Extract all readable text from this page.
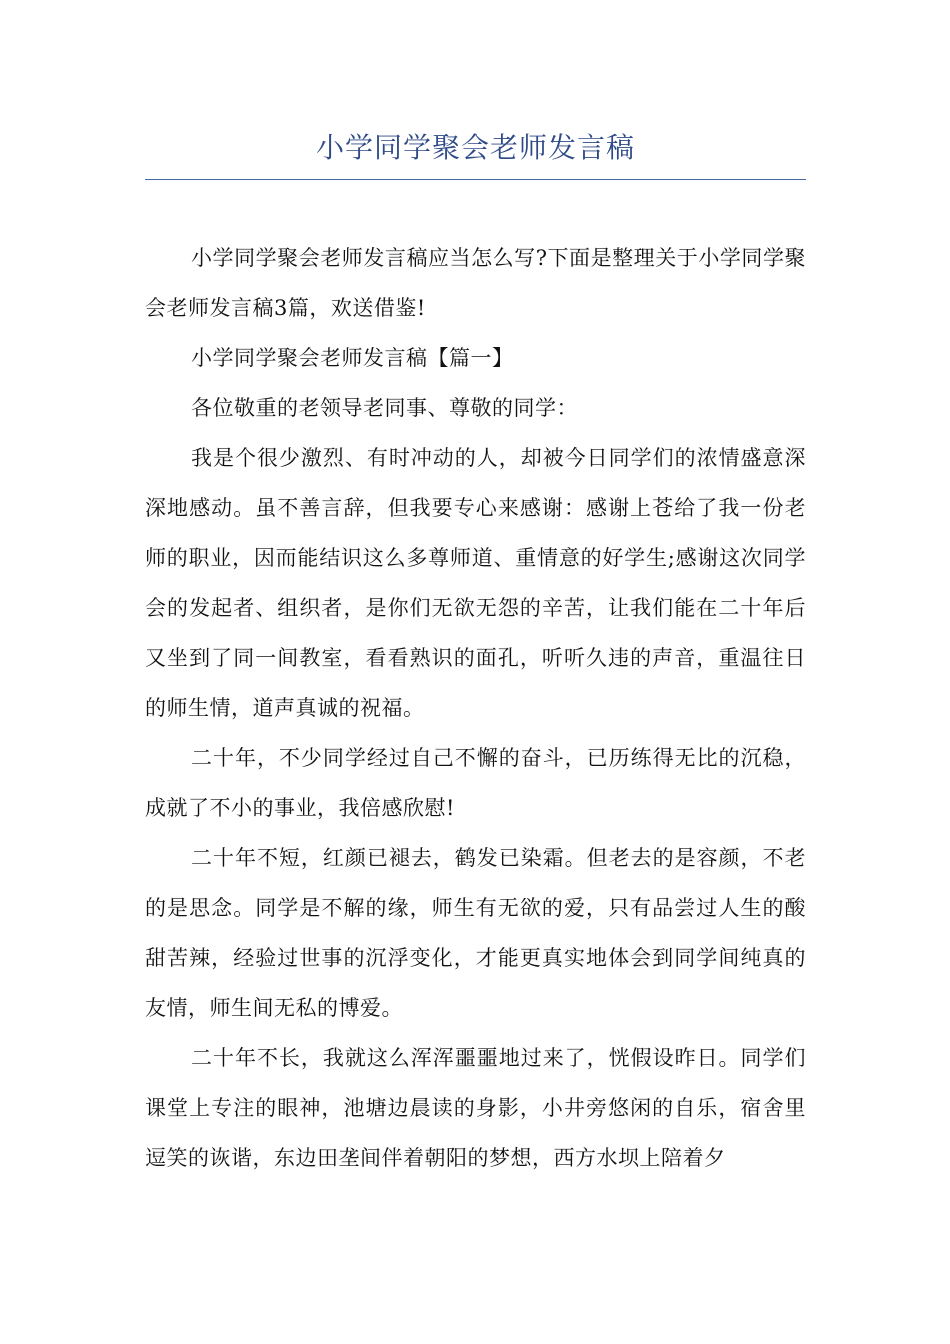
小学同学聚会老师发言稿

小学同学聚会老师发言稿应当怎么写?下面是整理关于小学同学聚会老师发言稿3篇，欢送借鉴!

小学同学聚会老师发言稿【篇一】

各位敬重的老领导老同事、尊敬的同学：

我是个很少激烈、有时冲动的人，却被今日同学们的浓情盛意深深地感动。虽不善言辞，但我要专心来感谢：感谢上苍给了我一份老师的职业，因而能结识这么多尊师道、重情意的好学生;感谢这次同学会的发起者、组织者，是你们无欲无怨的辛苦，让我们能在二十年后又坐到了同一间教室，看看熟识的面孔，听听久违的声音，重温往日的师生情，道声真诚的祝福。

二十年，不少同学经过自己不懈的奋斗，已历练得无比的沉稳，成就了不小的事业，我倍感欣慰!

二十年不短，红颜已褪去，鹤发已染霜。但老去的是容颜，不老的是思念。同学是不解的缘，师生有无欲的爱，只有品尝过人生的酸甜苦辣，经验过世事的沉浮变化，才能更真实地体会到同学间纯真的友情，师生间无私的博爱。

二十年不长，我就这么浑浑噩噩地过来了，恍假设昨日。同学们课堂上专注的眼神，池塘边晨读的身影，小井旁悠闲的自乐，宿舍里逗笑的诙谐，东边田垄间伴着朝阳的梦想，西方水坝上陪着夕
